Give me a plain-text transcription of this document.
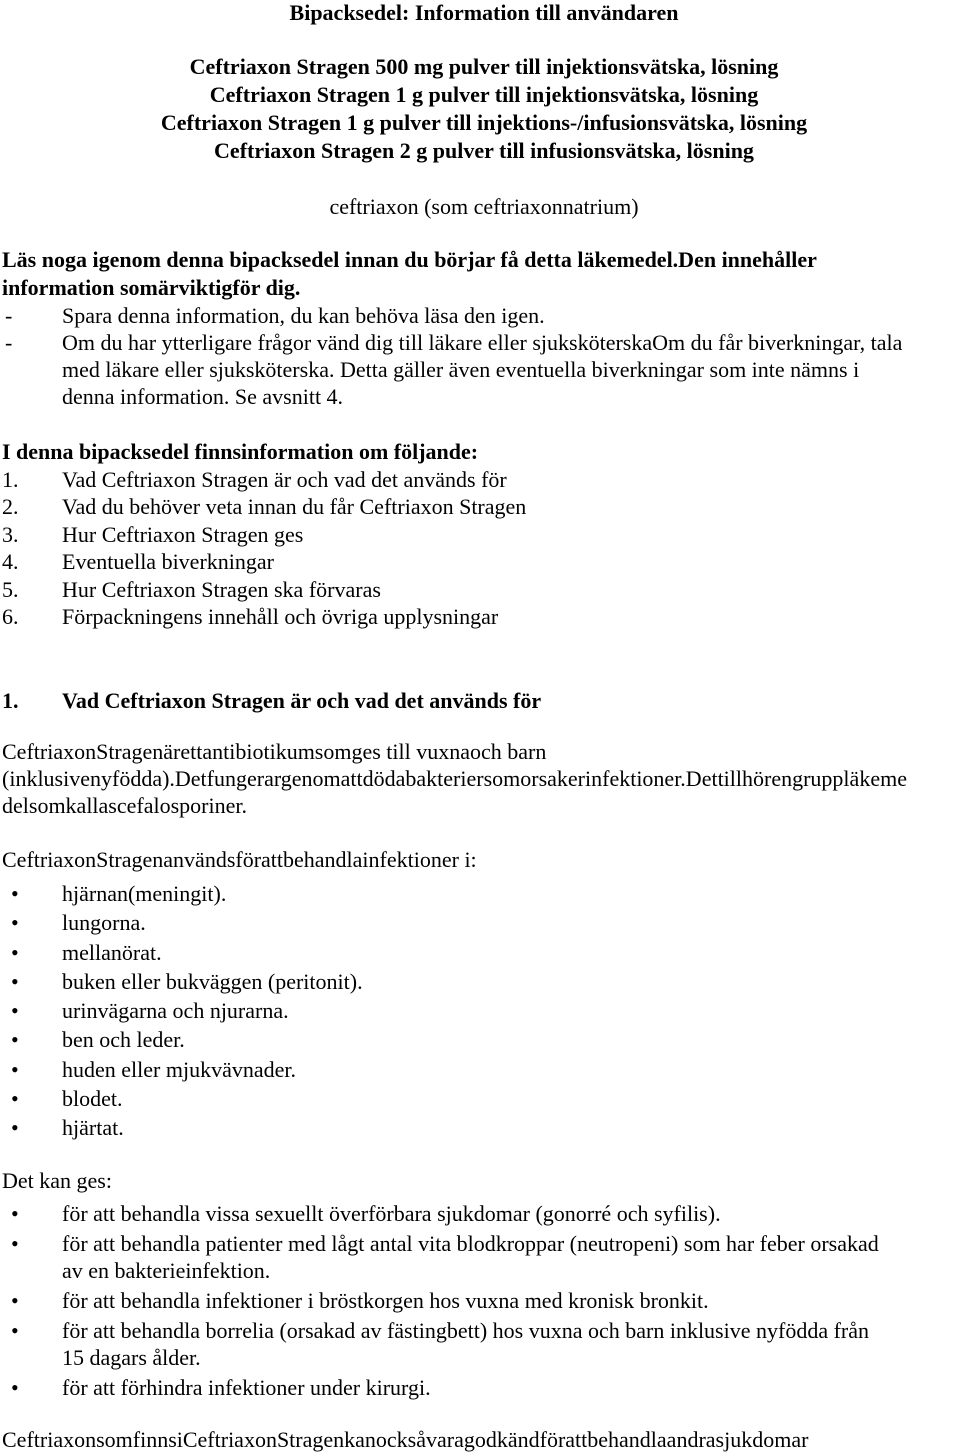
Bipacksedel: Information till användaren
Ceftriaxon Stragen 500 mg pulver till injektionsvätska, lösning
Ceftriaxon Stragen 1 g pulver till injektionsvätska, lösning
Ceftriaxon Stragen 1 g pulver till injektions-/infusionsvätska, lösning
Ceftriaxon Stragen 2 g pulver till infusionsvätska, lösning
ceftriaxon (som ceftriaxonnatrium)
Läs noga igenom denna bipacksedel innan du börjar få detta läkemedel.Den innehåller
information somärviktigför dig.
- Spara denna information, du kan behöva läsa den igen.
- Om du har ytterligare frågor vänd dig till läkare eller sjuksköterskaOm du får biverkningar, tala
med läkare eller sjuksköterska. Detta gäller även eventuella biverkningar som inte nämns i
denna information. Se avsnitt 4.
I denna bipacksedel finnsinformation om följande:
1. Vad Ceftriaxon Stragen är och vad det används för
2. Vad du behöver veta innan du får Ceftriaxon Stragen
3. Hur Ceftriaxon Stragen ges
4. Eventuella biverkningar
5. Hur Ceftriaxon Stragen ska förvaras
6. Förpackningens innehåll och övriga upplysningar
1. Vad Ceftriaxon Stragen är och vad det används för
CeftriaxonStragenärettantibiotikumsomges till vuxnaoch barn
(inklusivenyfödda).Detfungerargenomattdödabakteriersomorsakerinfektioner.Dettillhörengruppläkeme
delsomkallascefalosporiner.
CeftriaxonStragenanvändsförattbehandlainfektioner i:
• hjärnan(meningit).
• lungorna.
• mellanörat.
• buken eller bukväggen (peritonit).
• urinvägarna och njurarna.
• ben och leder.
• huden eller mjukvävnader.
• blodet.
• hjärtat.
Det kan ges:
• för att behandla vissa sexuellt överförbara sjukdomar (gonorré och syfilis).
• för att behandla patienter med lågt antal vita blodkroppar (neutropeni) som har feber orsakad
av en bakterieinfektion.
• för att behandla infektioner i bröstkorgen hos vuxna med kronisk bronkit.
• för att behandla borrelia (orsakad av fästingbett) hos vuxna och barn inklusive nyfödda från
15 dagars ålder.
• för att förhindra infektioner under kirurgi.
CeftriaxonsomfinnsiCeftriaxonStragenkanocksåvaragodkändförattbehandlaandrasjukdomar
